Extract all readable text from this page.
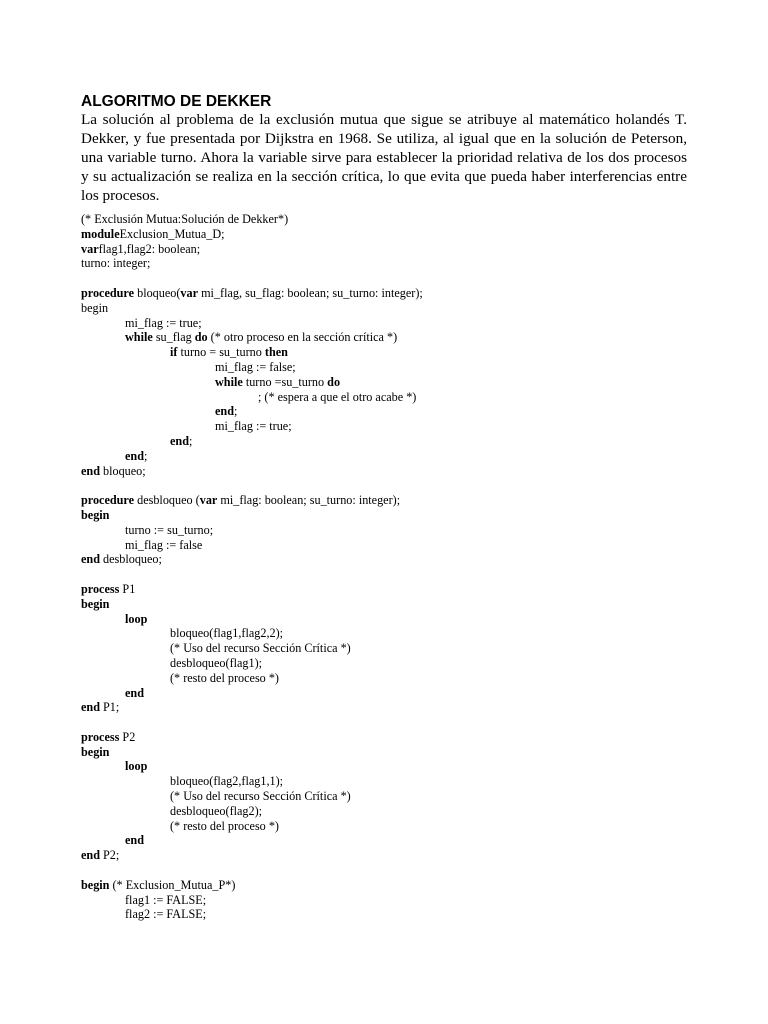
ALGORITMO DE DEKKER

La solución al problema de la exclusión mutua que sigue se atribuye al matemático holandés T. Dekker, y fue presentada por Dijkstra en 1968. Se utiliza, al igual que en la solución de Peterson, una variable turno. Ahora la variable sirve para establecer la prioridad relativa de los dos procesos y su actualización se realiza en la sección crítica, lo que evita que pueda haber interferencias entre los procesos.

(* Exclusión Mutua:Solución de Dekker*)
moduleExclusion_Mutua_D;
varflag1,flag2: boolean;
turno: integer;
procedure bloqueo(var mi_flag, su_flag: boolean; su_turno: integer);
begin
mi_flag := true;
while su_flag do (* otro proceso en la sección crítica *)
if turno = su_turno then
mi_flag := false;
while turno =su_turno do
; (* espera a que el otro acabe *)
end;
mi_flag := true;
end;
end;
end bloqueo;
procedure desbloqueo (var mi_flag: boolean; su_turno: integer);
begin
turno := su_turno;
mi_flag := false
end desbloqueo;
process P1
begin
loop
bloqueo(flag1,flag2,2);
(* Uso del recurso Sección Crítica *)
desbloqueo(flag1);
(* resto del proceso *)
end
end P1;
process P2
begin
loop
bloqueo(flag2,flag1,1);
(* Uso del recurso Sección Crítica *)
desbloqueo(flag2);
(* resto del proceso *)
end
end P2;
begin (* Exclusion_Mutua_P*)
flag1 := FALSE;
flag2 := FALSE;
